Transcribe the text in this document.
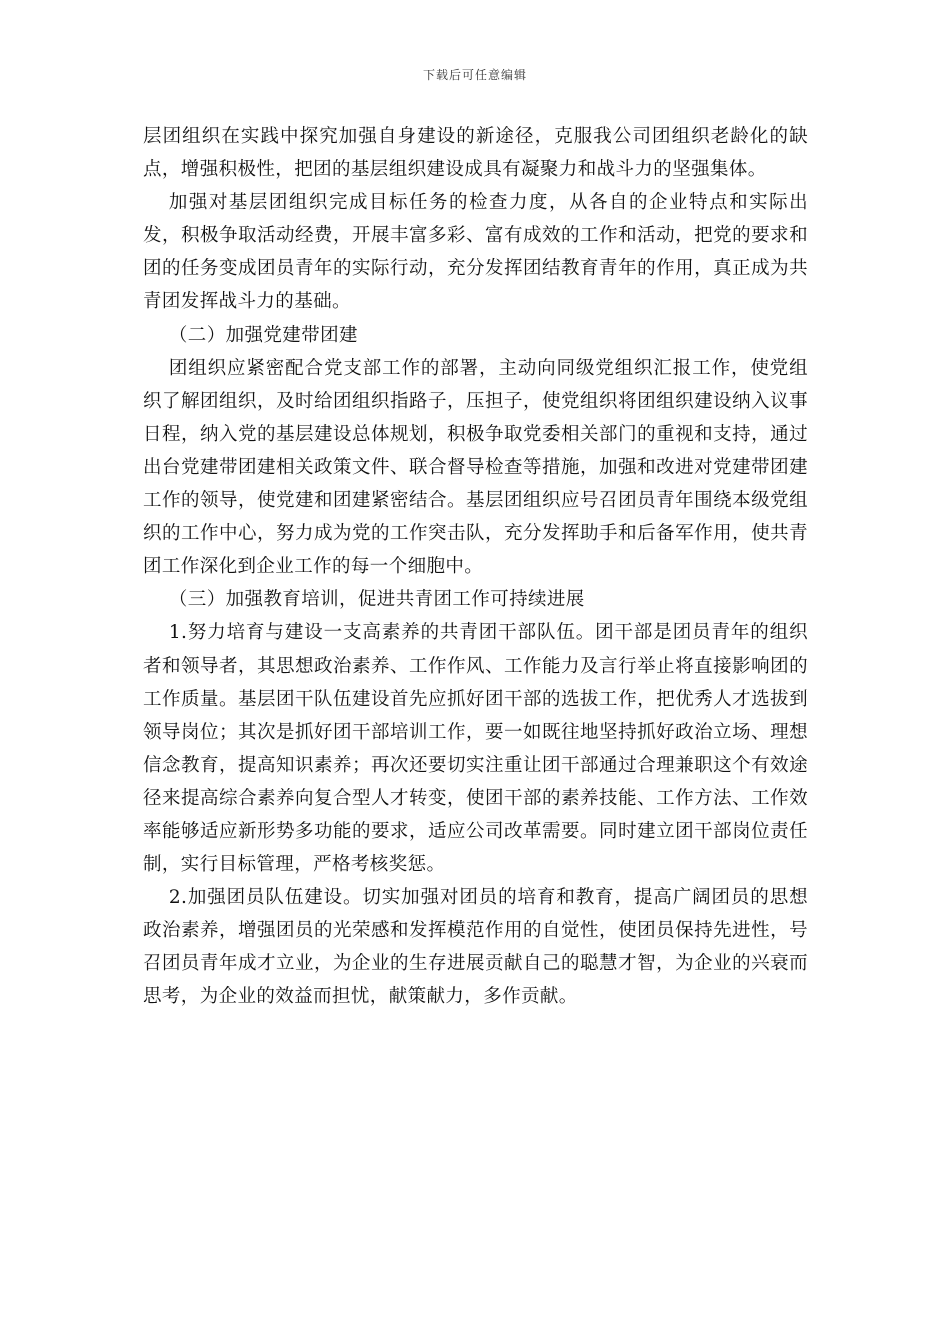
下载后可任意编辑

层团组织在实践中探究加强自身建设的新途径，克服我公司团组织老龄化的缺点，增强积极性，把团的基层组织建设成具有凝聚力和战斗力的坚强集体。

加强对基层团组织完成目标任务的检查力度，从各自的企业特点和实际出发，积极争取活动经费，开展丰富多彩、富有成效的工作和活动，把党的要求和团的任务变成团员青年的实际行动，充分发挥团结教育青年的作用，真正成为共青团发挥战斗力的基础。

（二）加强党建带团建

团组织应紧密配合党支部工作的部署，主动向同级党组织汇报工作，使党组织了解团组织，及时给团组织指路子，压担子，使党组织将团组织建设纳入议事日程，纳入党的基层建设总体规划，积极争取党委相关部门的重视和支持，通过出台党建带团建相关政策文件、联合督导检查等措施，加强和改进对党建带团建工作的领导，使党建和团建紧密结合。基层团组织应号召团员青年围绕本级党组织的工作中心，努力成为党的工作突击队，充分发挥助手和后备军作用，使共青团工作深化到企业工作的每一个细胞中。

（三）加强教育培训，促进共青团工作可持续进展

1.努力培育与建设一支高素养的共青团干部队伍。团干部是团员青年的组织者和领导者，其思想政治素养、工作作风、工作能力及言行举止将直接影响团的工作质量。基层团干队伍建设首先应抓好团干部的选拔工作，把优秀人才选拔到领导岗位；其次是抓好团干部培训工作，要一如既往地坚持抓好政治立场、理想信念教育，提高知识素养；再次还要切实注重让团干部通过合理兼职这个有效途径来提高综合素养向复合型人才转变，使团干部的素养技能、工作方法、工作效率能够适应新形势多功能的要求，适应公司改革需要。同时建立团干部岗位责任制，实行目标管理，严格考核奖惩。

2.加强团员队伍建设。切实加强对团员的培育和教育，提高广阔团员的思想政治素养，增强团员的光荣感和发挥模范作用的自觉性，使团员保持先进性，号召团员青年成才立业，为企业的生存进展贡献自己的聪慧才智，为企业的兴衰而思考，为企业的效益而担忧，献策献力，多作贡献。
